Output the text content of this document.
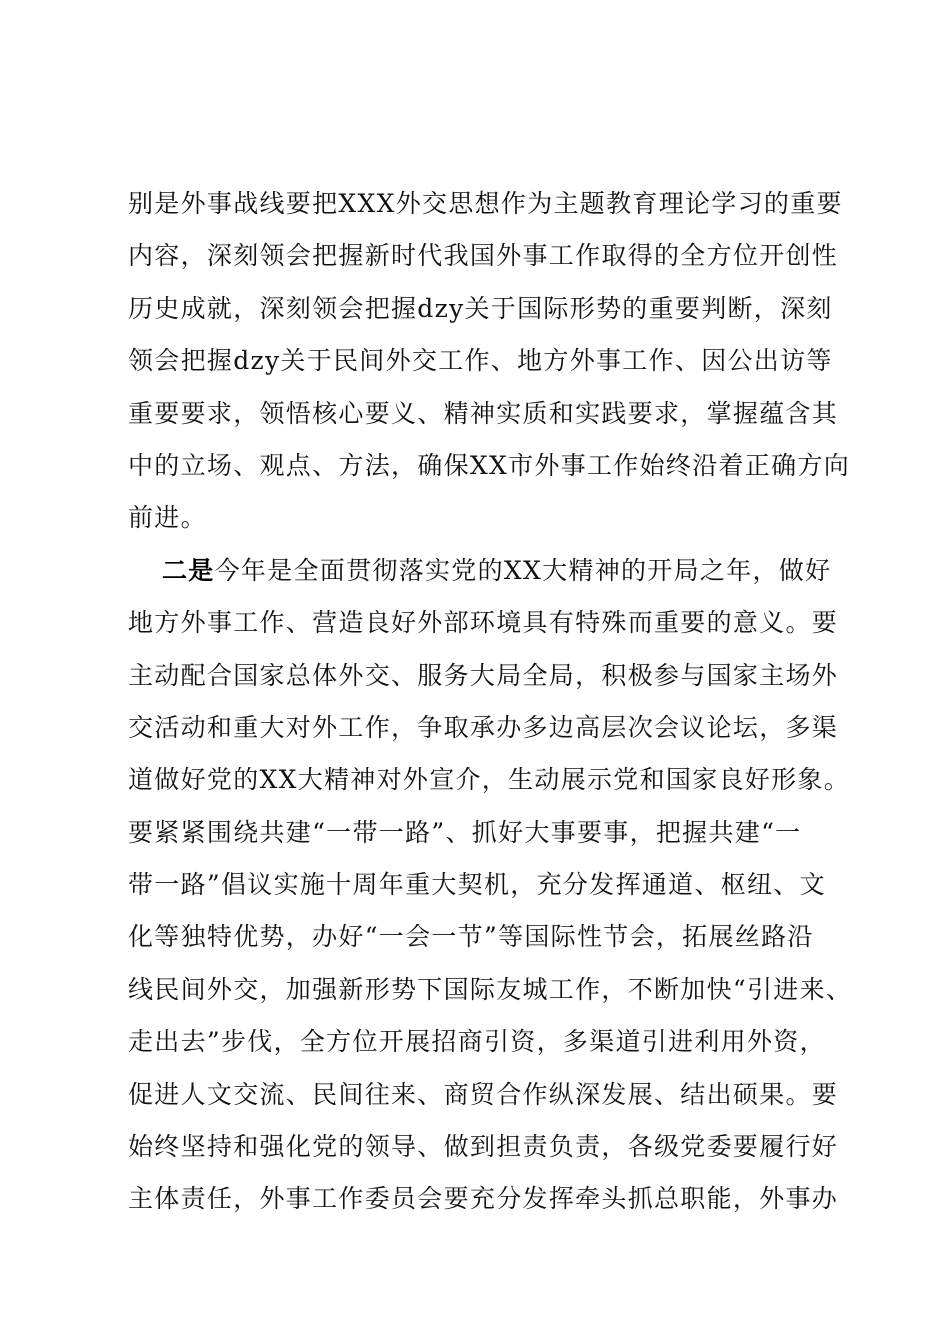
别是外事战线要把XXX外交思想作为主题教育理论学习的重要
内容，深刻领会把握新时代我国外事工作取得的全方位开创性
历史成就，深刻领会把握dzy关于国际形势的重要判断，深刻
领会把握dzy关于民间外交工作、地方外事工作、因公出访等
重要要求，领悟核心要义、精神实质和实践要求，掌握蕴含其
中的立场、观点、方法，确保XX市外事工作始终沿着正确方向
前进。
二是今年是全面贯彻落实党的XX大精神的开局之年，做好
地方外事工作、营造良好外部环境具有特殊而重要的意义。要
主动配合国家总体外交、服务大局全局，积极参与国家主场外
交活动和重大对外工作，争取承办多边高层次会议论坛，多渠
道做好党的XX大精神对外宣介，生动展示党和国家良好形象。
要紧紧围绕共建“一带一路”、抓好大事要事，把握共建“一
带一路”倡议实施十周年重大契机，充分发挥通道、枢纽、文
化等独特优势，办好“一会一节”等国际性节会，拓展丝路沿
线民间外交，加强新形势下国际友城工作，不断加快“引进来、
走出去”步伐，全方位开展招商引资，多渠道引进利用外资，
促进人文交流、民间往来、商贸合作纵深发展、结出硕果。要
始终坚持和强化党的领导、做到担责负责，各级党委要履行好
主体责任，外事工作委员会要充分发挥牵头抓总职能，外事办
